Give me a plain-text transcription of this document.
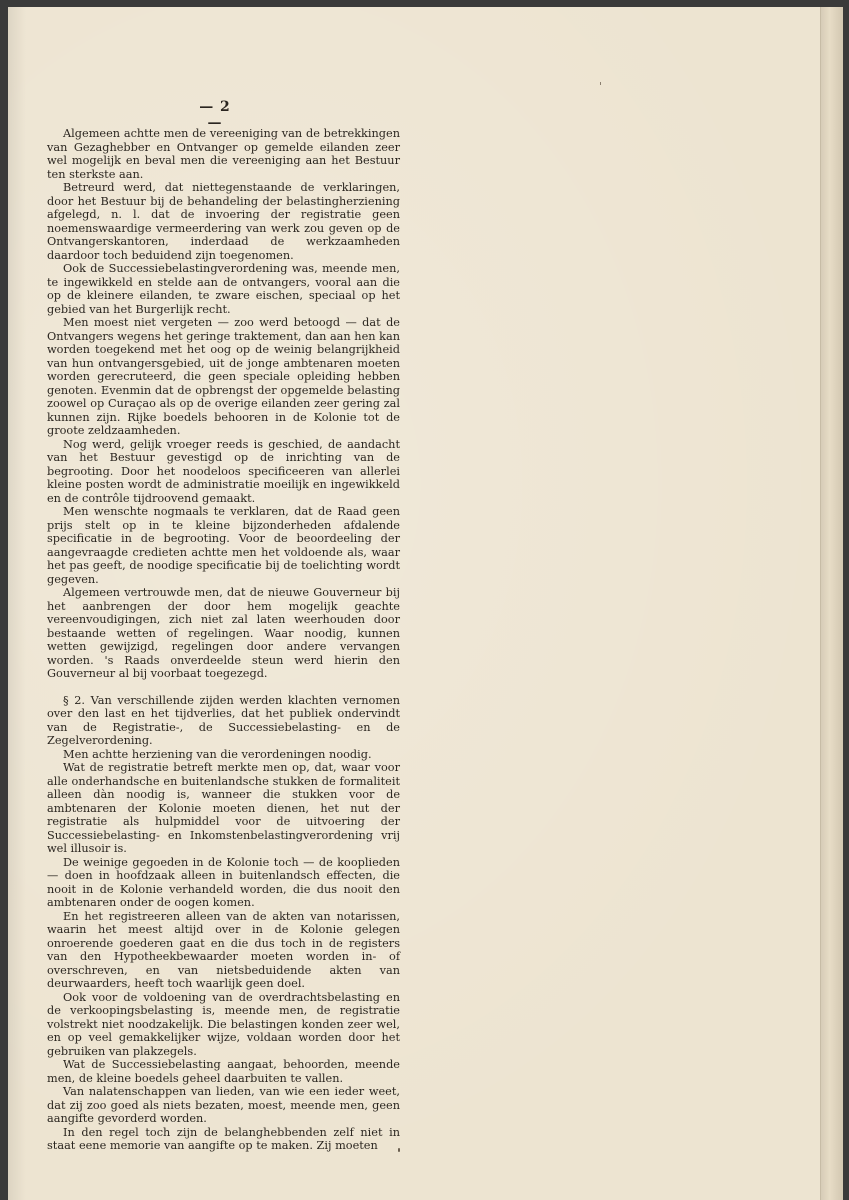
— 2 —

Algemeen achtte men de vereeniging van de betrekkingen van Gezaghebber en Ontvanger op gemelde eilanden zeer wel mogelijk en beval men die vereeniging aan het Bestuur ten sterkste aan.

Betreurd werd, dat niettegenstaande de verklaringen, door het Bestuur bij de behandeling der belastingherziening afgelegd, n. l. dat de invoering der registratie geen noemenswaardige vermeerdering van werk zou geven op de Ontvangerskantoren, inderdaad de werkzaamheden daardoor toch beduidend zijn toegenomen.

Ook de Successiebelastingverordening was, meende men, te ingewikkeld en stelde aan de ontvangers, vooral aan die op de kleinere eilanden, te zware eischen, speciaal op het gebied van het Burgerlijk recht.

Men moest niet vergeten — zoo werd betoogd — dat de Ontvangers wegens het geringe traktement, dan aan hen kan worden toegekend met het oog op de weinig belangrijkheid van hun ontvangersgebied, uit de jonge ambtenaren moeten worden gerecruteerd, die geen speciale opleiding hebben genoten. Evenmin dat de opbrengst der opgemelde belasting zoowel op Curaçao als op de overige eilanden zeer gering zal kunnen zijn. Rijke boedels behooren in de Kolonie tot de groote zeldzaamheden.

Nog werd, gelijk vroeger reeds is geschied, de aandacht van het Bestuur gevestigd op de inrichting van de begrooting. Door het noodeloos specificeeren van allerlei kleine posten wordt de administratie moeilijk en ingewikkeld en de contrôle tijdroovend gemaakt.

Men wenschte nogmaals te verklaren, dat de Raad geen prijs stelt op in te kleine bijzonderheden afdalende specificatie in de begrooting. Voor de beoordeeling der aangevraagde credieten achtte men het voldoende als, waar het pas geeft, de noodige specificatie bij de toelichting wordt gegeven.

Algemeen vertrouwde men, dat de nieuwe Gouverneur bij het aanbrengen der door hem mogelijk geachte vereenvoudigingen, zich niet zal laten weerhouden door bestaande wetten of regelingen. Waar noodig, kunnen wetten gewijzigd, regelingen door andere vervangen worden. 's Raads onverdeelde steun werd hierin den Gouverneur al bij voorbaat toegezegd.

§ 2. Van verschillende zijden werden klachten vernomen over den last en het tijdverlies, dat het publiek ondervindt van de Registratie-, de Successiebelasting- en de Zegelverordening.

Men achtte herziening van die verordeningen noodig.

Wat de registratie betreft merkte men op, dat, waar voor alle onderhandsche en buitenlandsche stukken de formaliteit alleen dàn noodig is, wanneer die stukken voor de ambtenaren der Kolonie moeten dienen, het nut der registratie als hulpmiddel voor de uitvoering der Successiebelasting- en Inkomstenbelastingverordening vrij wel illusoir is.

De weinige gegoeden in de Kolonie toch — de kooplieden — doen in hoofdzaak alleen in buitenlandsch effecten, die nooit in de Kolonie verhandeld worden, die dus nooit den ambtenaren onder de oogen komen.

En het registreeren alleen van de akten van notarissen, waarin het meest altijd over in de Kolonie gelegen onroerende goederen gaat en die dus toch in de registers van den Hypotheekbewaarder moeten worden in- of overschreven, en van nietsbeduidende akten van deurwaarders, heeft toch waarlijk geen doel.

Ook voor de voldoening van de overdrachtsbelasting en de verkoopingsbelasting is, meende men, de registratie volstrekt niet noodzakelijk. Die belastingen konden zeer wel, en op veel gemakkelijker wijze, voldaan worden door het gebruiken van plakzegels.

Wat de Successiebelasting aangaat, behoorden, meende men, de kleine boedels geheel daarbuiten te vallen.

Van nalatenschappen van lieden, van wie een ieder weet, dat zij zoo goed als niets bezaten, moest, meende men, geen aangifte gevorderd worden.

In den regel toch zijn de belanghebbenden zelf niet in staat eene memorie van aangifte op te maken. Zij moeten
